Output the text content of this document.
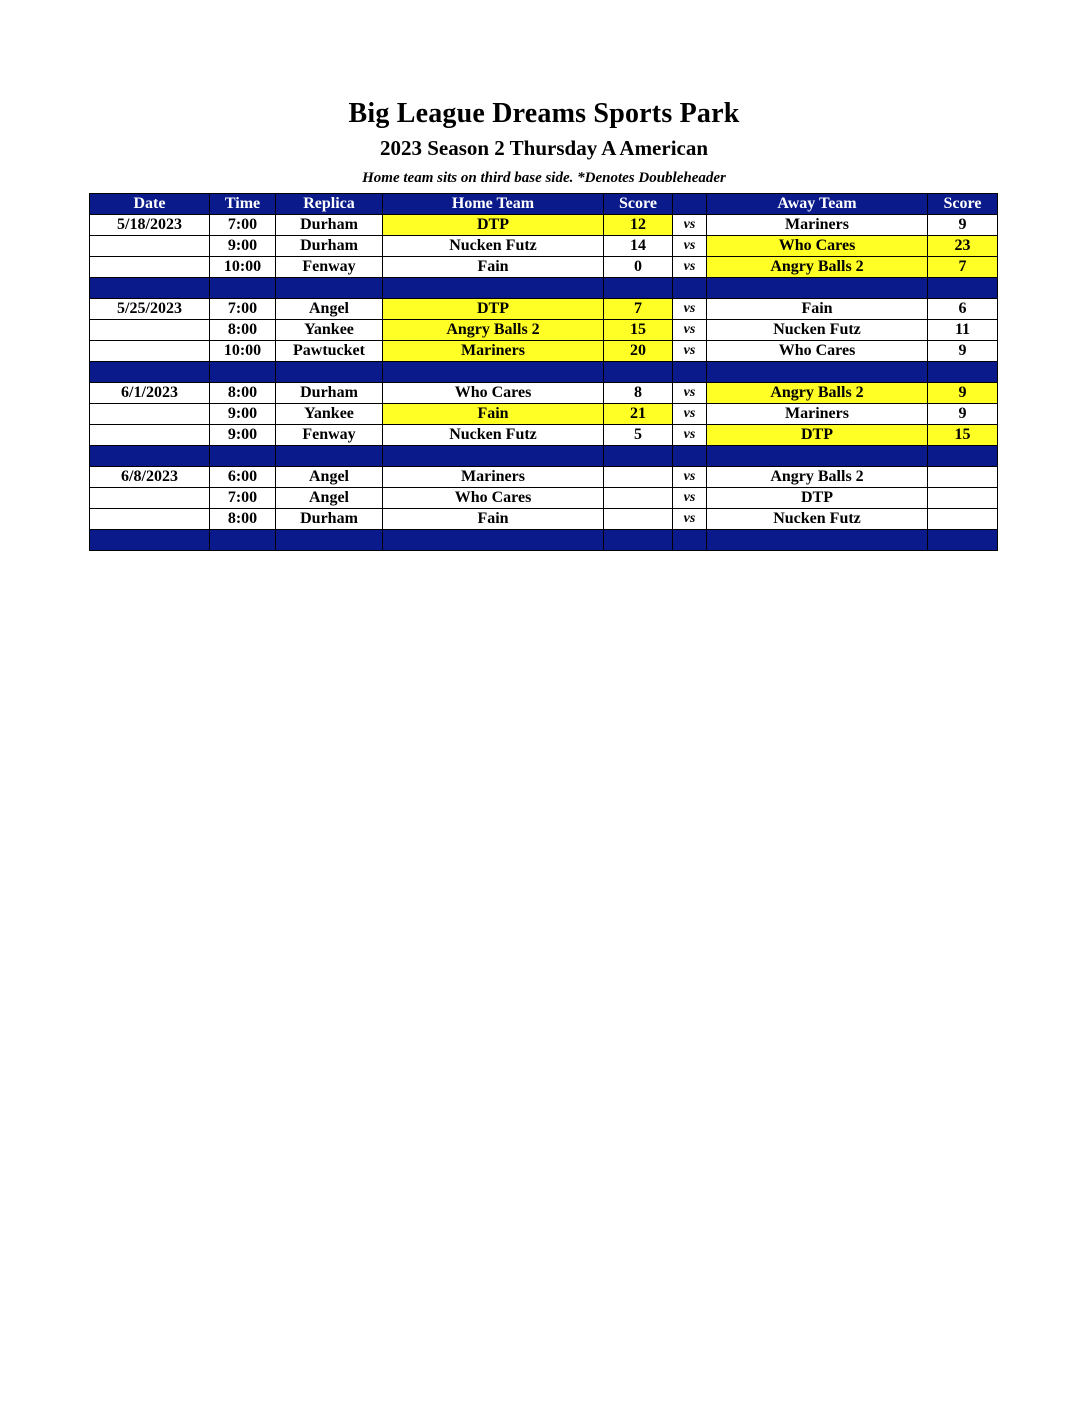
Big League Dreams Sports Park
2023 Season 2 Thursday A American
Home team sits on third base side. *Denotes Doubleheader
Date	Time	Replica	Home Team	Score		Away Team	Score
5/18/2023	7:00	Durham	DTP	12	vs	Mariners	9
	9:00	Durham	Nucken Futz	14	vs	Who Cares	23
	10:00	Fenway	Fain	0	vs	Angry Balls 2	7

5/25/2023	7:00	Angel	DTP	7	vs	Fain	6
	8:00	Yankee	Angry Balls 2	15	vs	Nucken Futz	11
	10:00	Pawtucket	Mariners	20	vs	Who Cares	9

6/1/2023	8:00	Durham	Who Cares	8	vs	Angry Balls 2	9
	9:00	Yankee	Fain	21	vs	Mariners	9
	9:00	Fenway	Nucken Futz	5	vs	DTP	15

6/8/2023	6:00	Angel	Mariners		vs	Angry Balls 2	
	7:00	Angel	Who Cares		vs	DTP	
	8:00	Durham	Fain		vs	Nucken Futz	
